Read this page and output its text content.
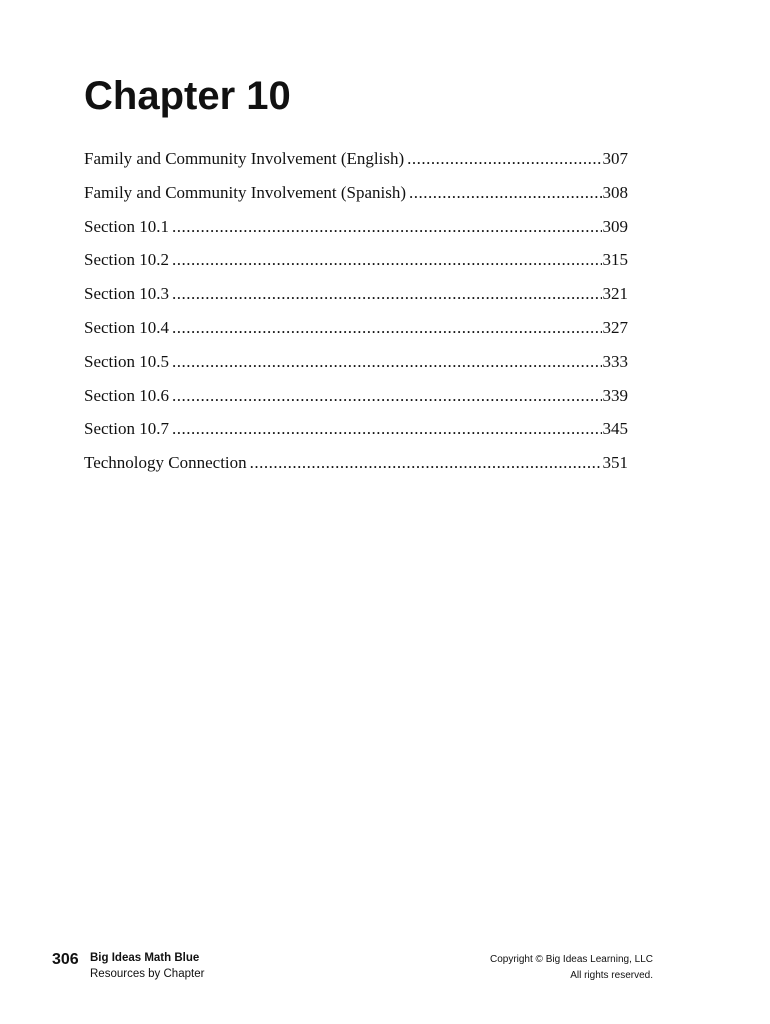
Chapter 10
Family and Community Involvement (English) .....	307
Family and Community Involvement (Spanish) .....	308
Section 10.1 .....	309
Section 10.2 .....	315
Section 10.3 .....	321
Section 10.4 .....	327
Section 10.5 .....	333
Section 10.6 .....	339
Section 10.7 .....	345
Technology Connection .....	351
306 Big Ideas Math Blue
Resources by Chapter
Copyright © Big Ideas Learning, LLC
All rights reserved.
